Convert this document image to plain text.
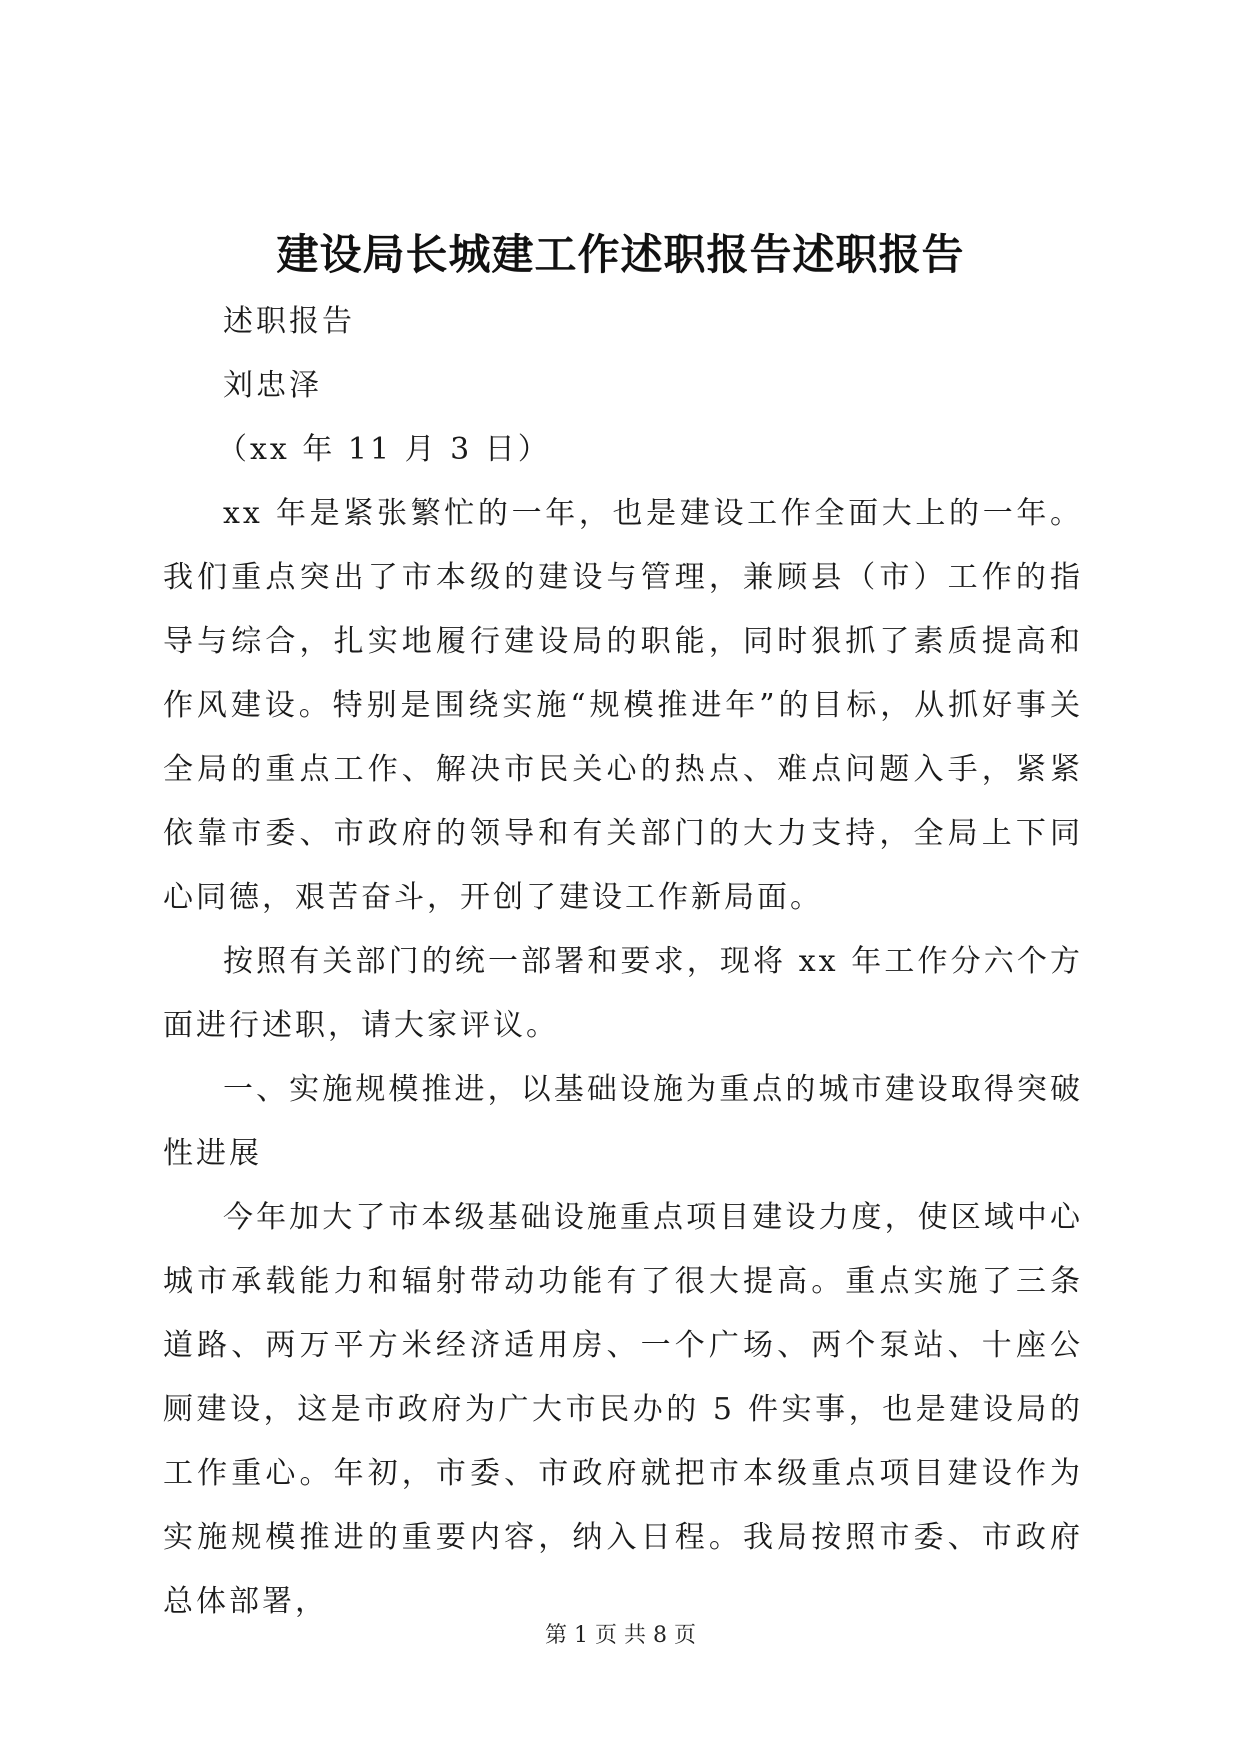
建设局长城建工作述职报告述职报告

述职报告

刘忠泽

（xx 年 11 月 3 日）

xx 年是紧张繁忙的一年，也是建设工作全面大上的一年。我们重点突出了市本级的建设与管理，兼顾县（市）工作的指导与综合，扎实地履行建设局的职能，同时狠抓了素质提高和作风建设。特别是围绕实施“规模推进年”的目标，从抓好事关全局的重点工作、解决市民关心的热点、难点问题入手，紧紧依靠市委、市政府的领导和有关部门的大力支持，全局上下同心同德，艰苦奋斗，开创了建设工作新局面。

按照有关部门的统一部署和要求，现将 xx 年工作分六个方面进行述职，请大家评议。

一、实施规模推进，以基础设施为重点的城市建设取得突破性进展

今年加大了市本级基础设施重点项目建设力度，使区域中心城市承载能力和辐射带动功能有了很大提高。重点实施了三条道路、两万平方米经济适用房、一个广场、两个泵站、十座公厕建设，这是市政府为广大市民办的 5 件实事，也是建设局的工作重心。年初，市委、市政府就把市本级重点项目建设作为实施规模推进的重要内容，纳入日程。我局按照市委、市政府总体部署，

第 1 页 共 8 页
